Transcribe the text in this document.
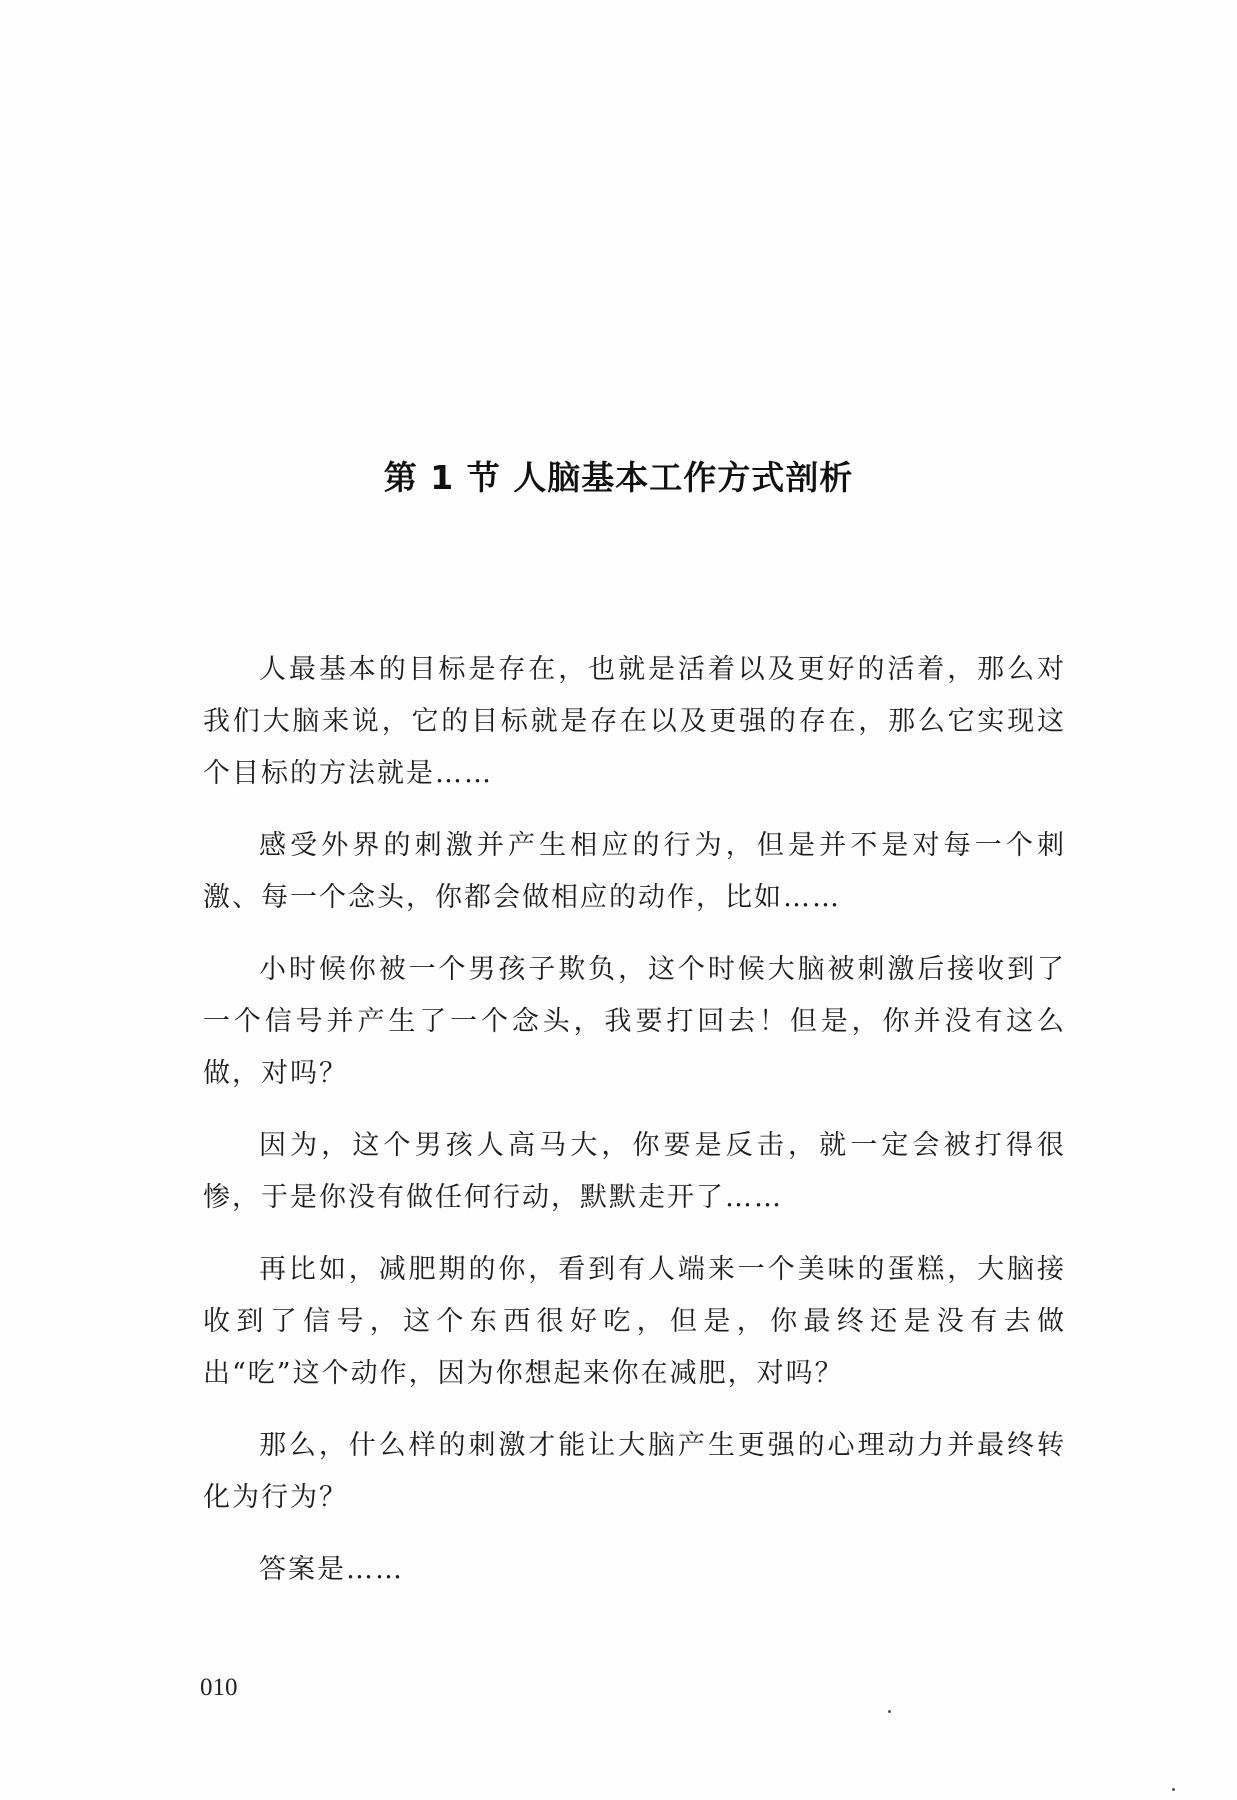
第 1 节 人脑基本工作方式剖析

人最基本的目标是存在，也就是活着以及更好的活着，那么对我们大脑来说，它的目标就是存在以及更强的存在，那么它实现这个目标的方法就是……

感受外界的刺激并产生相应的行为，但是并不是对每一个刺激、每一个念头，你都会做相应的动作，比如……

小时候你被一个男孩子欺负，这个时候大脑被刺激后接收到了一个信号并产生了一个念头，我要打回去！但是，你并没有这么做，对吗？

因为，这个男孩人高马大，你要是反击，就一定会被打得很惨，于是你没有做任何行动，默默走开了……

再比如，减肥期的你，看到有人端来一个美味的蛋糕，大脑接收到了信号，这个东西很好吃，但是，你最终还是没有去做出“吃”这个动作，因为你想起来你在减肥，对吗？

那么，什么样的刺激才能让大脑产生更强的心理动力并最终转化为行为？

答案是……

010
